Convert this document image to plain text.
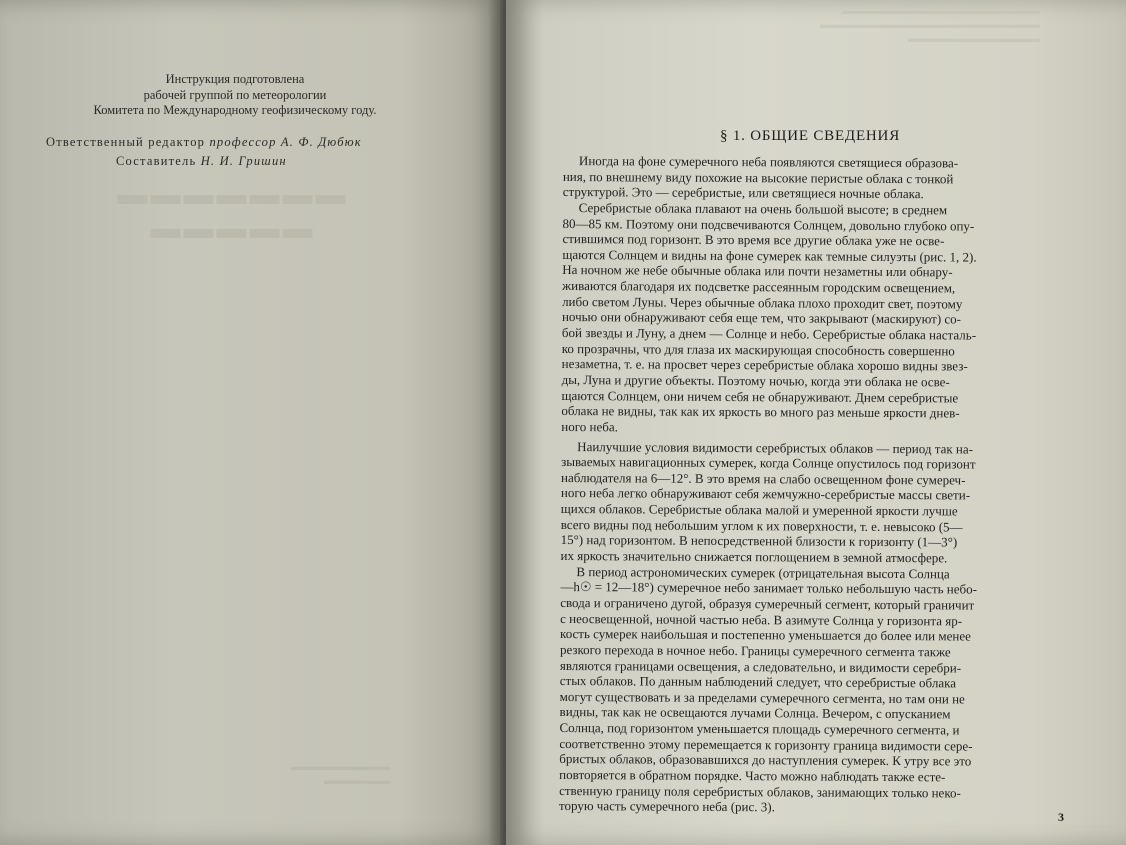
Инструкция подготовлена
рабочей группой по метеорологии
Комитета по Международному геофизическому году.
Ответственный редактор профессор А. Ф. Дюбюк
Составитель Н. И. Гришин
▬▬▬▬▬▬▬
▬▬▬▬▬
▬▬▬▬▬▬▬▬▬
▬▬▬▬▬▬
▬▬▬▬▬▬▬▬▬▬▬▬▬▬▬▬▬▬
▬▬▬▬▬▬▬▬▬▬▬▬▬▬▬▬▬▬▬▬
▬▬▬▬▬▬▬▬▬▬▬▬
§ 1. ОБЩИЕ СВЕДЕНИЯ
Иногда на фоне сумеречного неба появляются светящиеся образова-
ния, по внешнему виду похожие на высокие перистые облака с тонкой
структурой. Это — серебристые, или светящиеся ночные облака.
Серебристые облака плавают на очень большой высоте; в среднем
80—85 км. Поэтому они подсвечиваются Солнцем, довольно глубоко опу-
стившимся под горизонт. В это время все другие облака уже не осве-
щаются Солнцем и видны на фоне сумерек как темные силуэты (рис. 1, 2).
На ночном же небе обычные облака или почти незаметны или обнару-
живаются благодаря их подсветке рассеянным городским освещением,
либо светом Луны. Через обычные облака плохо проходит свет, поэтому
ночью они обнаруживают себя еще тем, что закрывают (маскируют) со-
бой звезды и Луну, а днем — Солнце и небо. Серебристые облака насталь-
ко прозрачны, что для глаза их маскирующая способность совершенно
незаметна, т. е. на просвет через серебристые облака хорошо видны звез-
ды, Луна и другие объекты. Поэтому ночью, когда эти облака не осве-
щаются Солнцем, они ничем себя не обнаруживают. Днем серебристые
облака не видны, так как их яркость во много раз меньше яркости днев-
ного неба.
Наилучшие условия видимости серебристых облаков — период так на-
зываемых навигационных сумерек, когда Солнце опустилось под горизонт
наблюдателя на 6—12°. В это время на слабо освещенном фоне сумереч-
ного неба легко обнаруживают себя жемчужно-серебристые массы свети-
щихся облаков. Серебристые облака малой и умеренной яркости лучше
всего видны под небольшим углом к их поверхности, т. е. невысоко (5—
15°) над горизонтом. В непосредственной близости к горизонту (1—3°)
их яркость значительно снижается поглощением в земной атмосфере.
В период астрономических сумерек (отрицательная высота Солнца
—h☉ = 12—18°) сумеречное небо занимает только небольшую часть небо-
свода и ограничено дугой, образуя сумеречный сегмент, который граничит
с неосвещенной, ночной частью неба. В азимуте Солнца у горизонта яр-
кость сумерек наибольшая и постепенно уменьшается до более или менее
резкого перехода в ночное небо. Границы сумеречного сегмента также
являются границами освещения, а следовательно, и видимости серебри-
стых облаков. По данным наблюдений следует, что серебристые облака
могут существовать и за пределами сумеречного сегмента, но там они не
видны, так как не освещаются лучами Солнца. Вечером, с опусканием
Солнца, под горизонтом уменьшается площадь сумеречного сегмента, и
соответственно этому перемещается к горизонту граница видимости сере-
бристых облаков, образовавшихся до наступления сумерек. К утру все это
повторяется в обратном порядке. Часто можно наблюдать также есте-
ственную границу поля серебристых облаков, занимающих только неко-
торую часть сумеречного неба (рис. 3).
3
